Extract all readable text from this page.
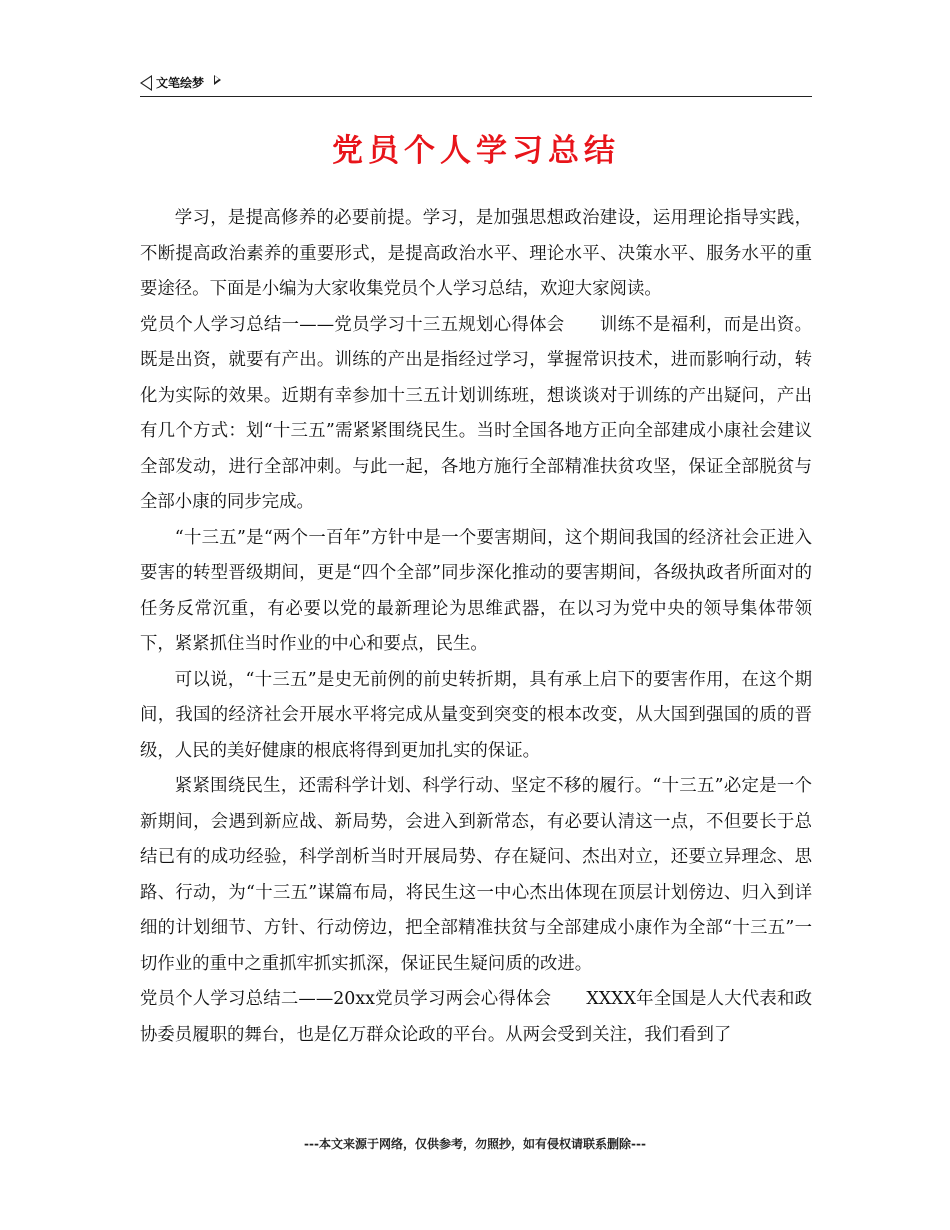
文笔绘梦
党员个人学习总结

学习，是提高修养的必要前提。学习，是加强思想政治建设，运用理论指导实践，不断提高政治素养的重要形式，是提高政治水平、理论水平、决策水平、服务水平的重要途径。下面是小编为大家收集党员个人学习总结，欢迎大家阅读。

党员个人学习总结一——党员学习十三五规划心得体会　　训练不是福利，而是出资。既是出资，就要有产出。训练的产出是指经过学习，掌握常识技术，进而影响行动，转化为实际的效果。近期有幸参加十三五计划训练班，想谈谈对于训练的产出疑问，产出有几个方式：划“十三五”需紧紧围绕民生。当时全国各地方正向全部建成小康社会建议全部发动，进行全部冲刺。与此一起，各地方施行全部精准扶贫攻坚，保证全部脱贫与全部小康的同步完成。

“十三五”是“两个一百年”方针中是一个要害期间，这个期间我国的经济社会正进入要害的转型晋级期间，更是“四个全部”同步深化推动的要害期间，各级执政者所面对的任务反常沉重，有必要以党的最新理论为思维武器，在以习为党中央的领导集体带领下，紧紧抓住当时作业的中心和要点，民生。

可以说，“十三五”是史无前例的前史转折期，具有承上启下的要害作用，在这个期间，我国的经济社会开展水平将完成从量变到突变的根本改变，从大国到强国的质的晋级，人民的美好健康的根底将得到更加扎实的保证。

紧紧围绕民生，还需科学计划、科学行动、坚定不移的履行。“十三五”必定是一个新期间，会遇到新应战、新局势，会进入到新常态，有必要认清这一点，不但要长于总结已有的成功经验，科学剖析当时开展局势、存在疑问、杰出对立，还要立异理念、思路、行动，为“十三五”谋篇布局，将民生这一中心杰出体现在顶层计划傍边、归入到详细的计划细节、方针、行动傍边，把全部精准扶贫与全部建成小康作为全部“十三五”一切作业的重中之重抓牢抓实抓深，保证民生疑问质的改进。

党员个人学习总结二——20xx党员学习两会心得体会　　XXXX年全国是人大代表和政协委员履职的舞台，也是亿万群众论政的平台。从两会受到关注，我们看到了

---本文来源于网络，仅供参考，勿照抄，如有侵权请联系删除---
